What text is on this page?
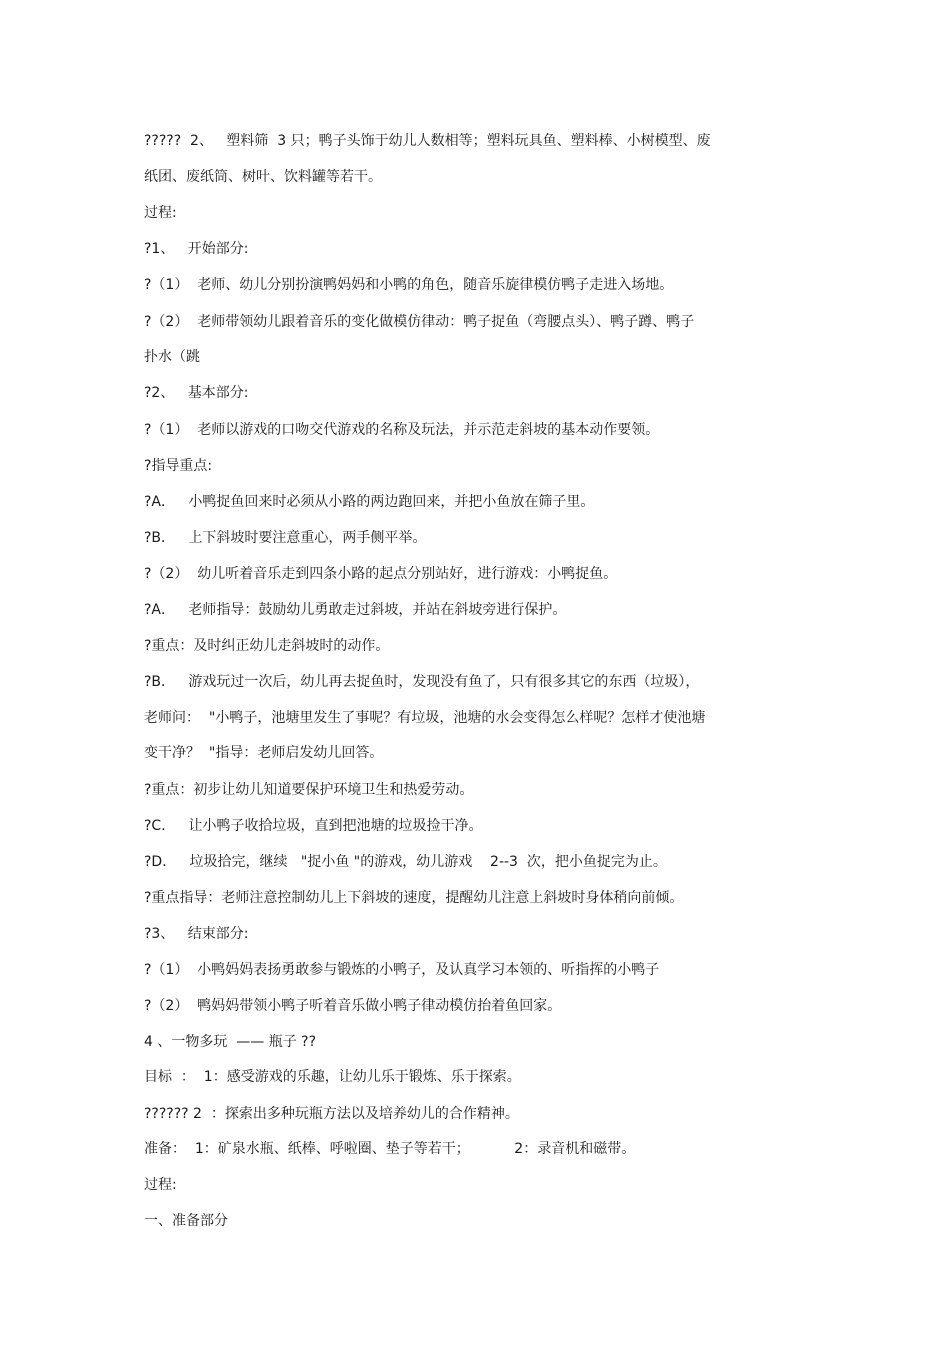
?????  2、   塑料筛  3 只；鸭子头饰于幼儿人数相等；塑料玩具鱼、塑料棒、小树模型、废
纸团、废纸筒、树叶、饮料罐等若干。
过程:
?1、   开始部分:
?（1）  老师、幼儿分别扮演鸭妈妈和小鸭的角色，随音乐旋律模仿鸭子走进入场地。
?（2）  老师带领幼儿跟着音乐的变化做模仿律动：鸭子捉鱼（弯腰点头）、鸭子蹲、鸭子
扑水（跳
?2、   基本部分:
?（1）  老师以游戏的口吻交代游戏的名称及玩法，并示范走斜坡的基本动作要领。
?指导重点:
?A．   小鸭捉鱼回来时必须从小路的两边跑回来，并把小鱼放在筛子里。
?B．   上下斜坡时要注意重心，两手侧平举。
?（2）  幼儿听着音乐走到四条小路的起点分别站好，进行游戏：小鸭捉鱼。
?A．   老师指导：鼓励幼儿勇敢走过斜坡，并站在斜坡旁进行保护。
?重点：及时纠正幼儿走斜坡时的动作。
?B．   游戏玩过一次后，幼儿再去捉鱼时，发现没有鱼了，只有很多其它的东西（垃圾），
老师问：  "小鸭子，池塘里发生了事呢？有垃圾，池塘的水会变得怎么样呢？怎样才使池塘
变干净？  "指导：老师启发幼儿回答。
?重点：初步让幼儿知道要保护环境卫生和热爱劳动。
?C．   让小鸭子收拾垃圾，直到把池塘的垃圾捡干净。
?D．   垃圾拾完，继续   "捉小鱼 "的游戏，幼儿游戏    2--3  次，把小鱼捉完为止。
?重点指导：老师注意控制幼儿上下斜坡的速度，提醒幼儿注意上斜坡时身体稍向前倾。
?3、   结束部分:
?（1）  小鸭妈妈表扬勇敢参与锻炼的小鸭子，及认真学习本领的、听指挥的小鸭子
?（2）  鸭妈妈带领小鸭子听着音乐做小鸭子律动模仿抬着鱼回家。
4 、一物多玩  —— 瓶子 ??
目标  ：  1：感受游戏的乐趣，让幼儿乐于锻炼、乐于探索。
?????? 2  ：探索出多种玩瓶方法以及培养幼儿的合作精神。
准备：  1：矿泉水瓶、纸棒、呼啦圈、垫子等若干；          2：录音机和磁带。
过程:
一、准备部分
